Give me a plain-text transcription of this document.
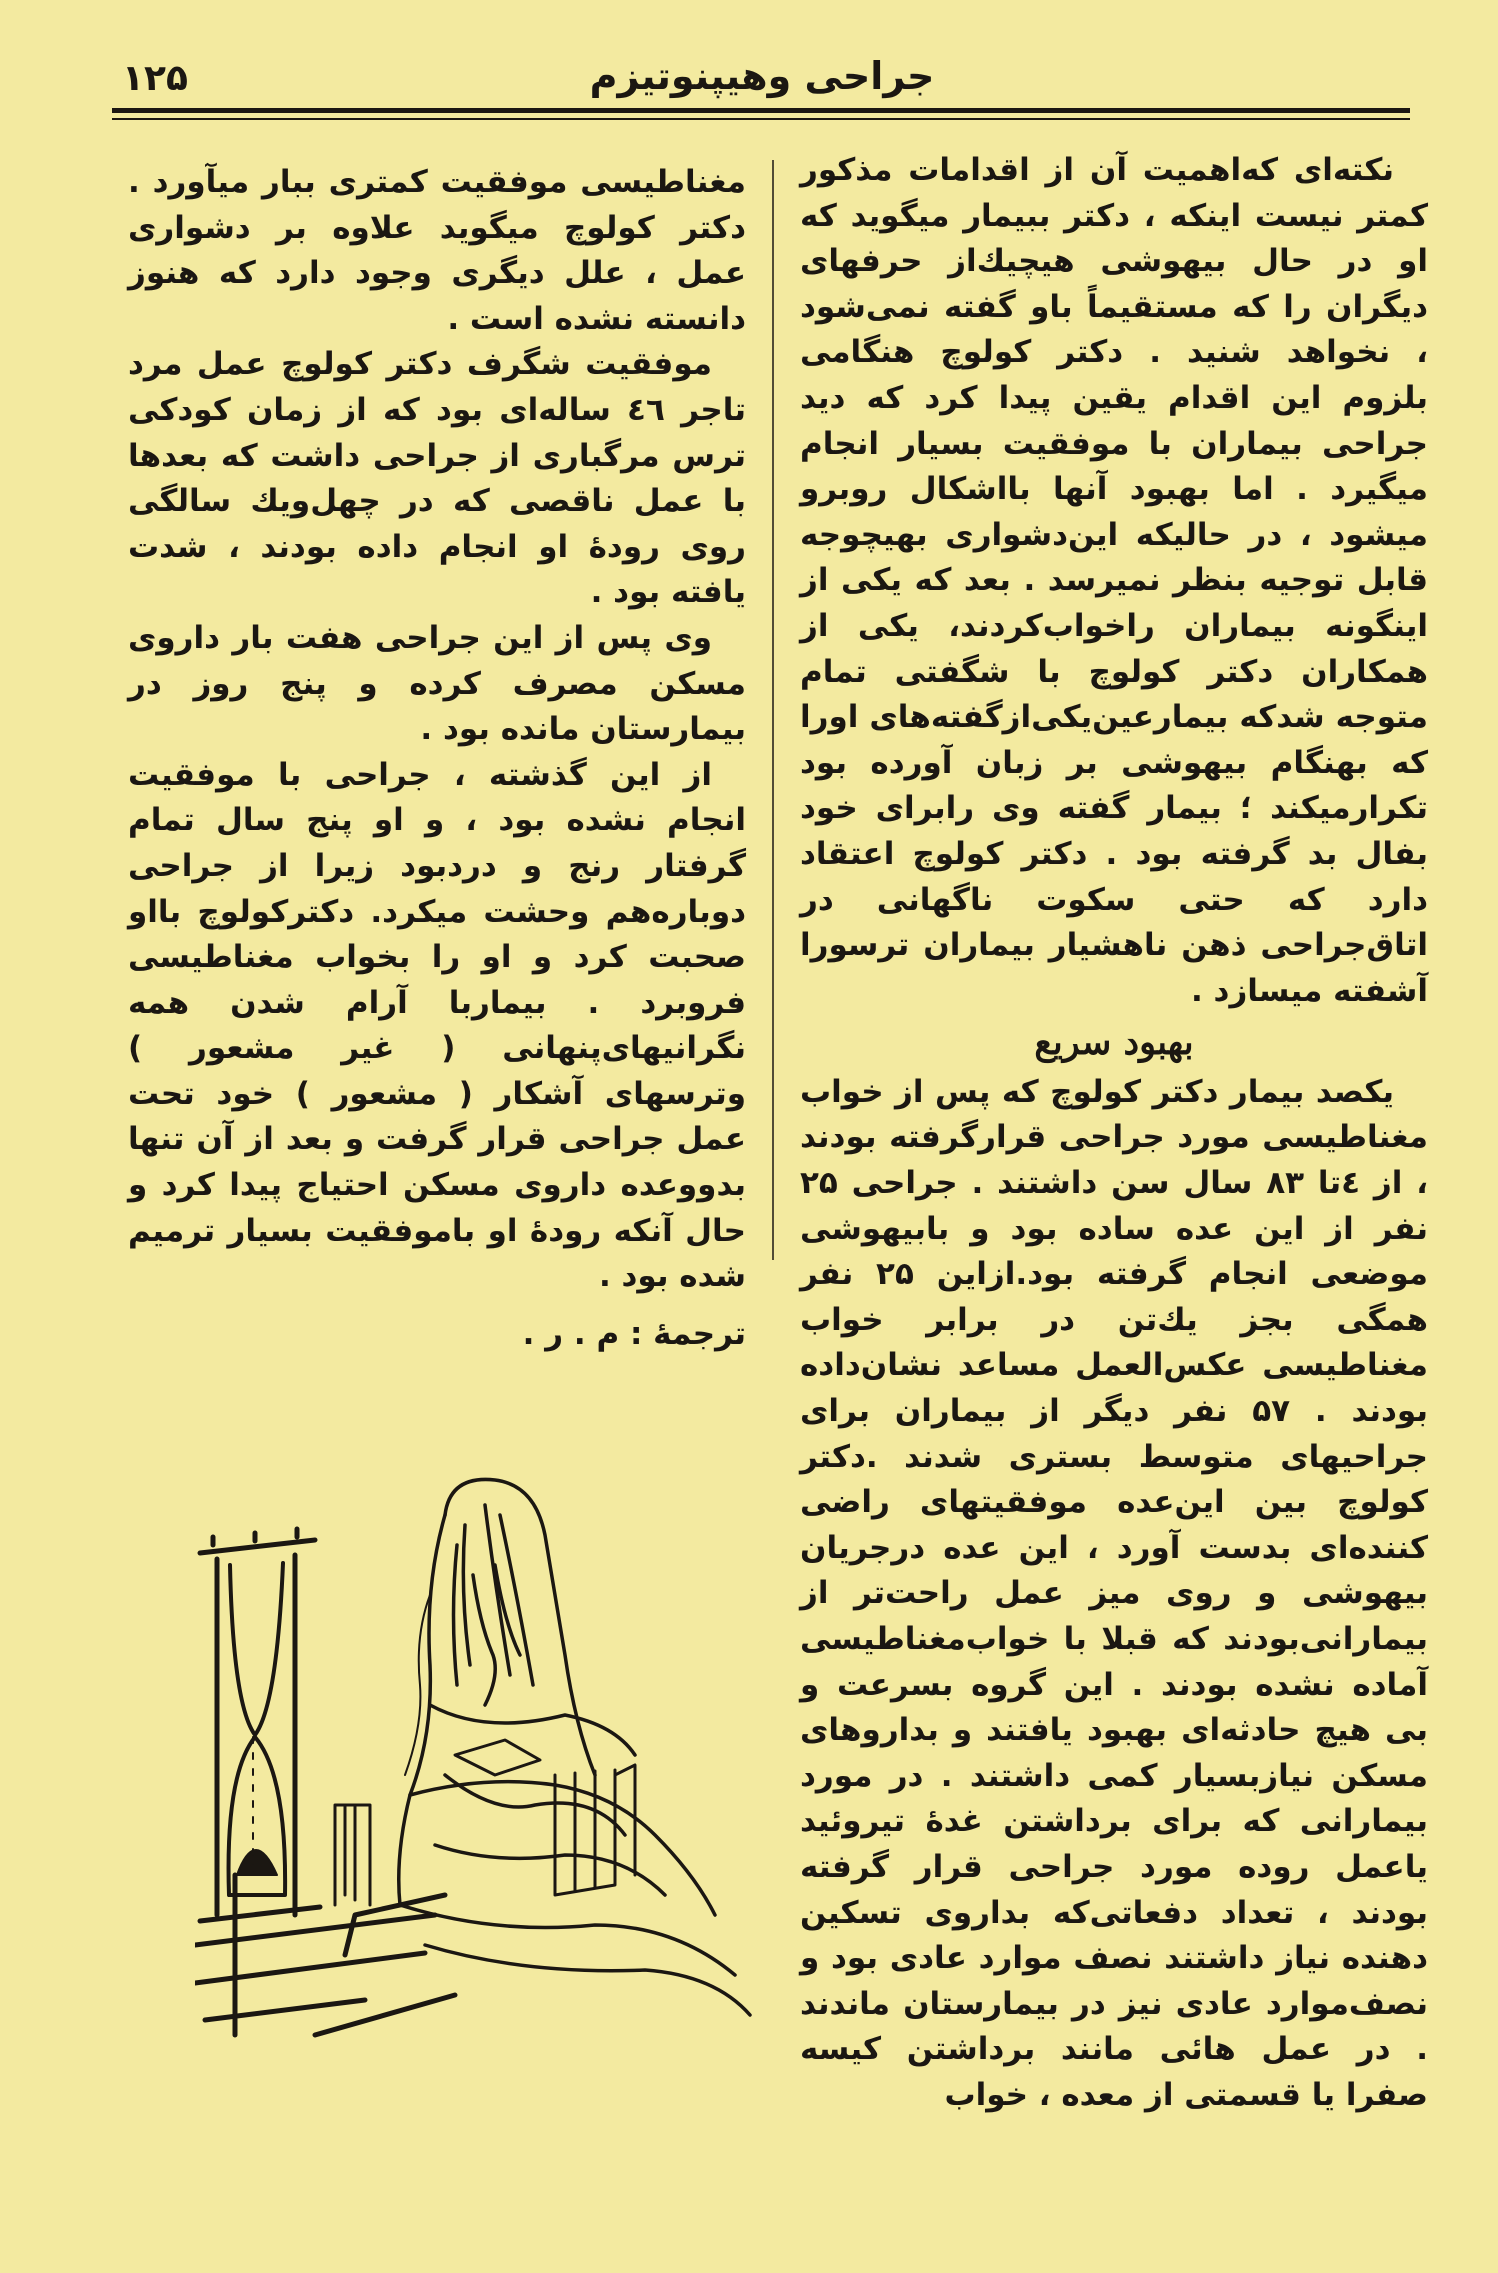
۱۲۵	جراحی وهیپنوتیزم

نکته‌ای که‌اهمیت آن از اقدامات مذکور کمتر نیست اینکه ، دکتر ببیمار میگوید که او در حال بیهوشی هیچیك‌از حرفهای دیگران را که مستقیماً باو گفته نمی‌شود ، نخواهد شنید . دکتر کولوچ هنگامی بلزوم این اقدام یقین پیدا کرد که دید جراحی بیماران با موفقیت بسیار انجام میگیرد . اما بهبود آنها بااشکال روبرو میشود ، در حالیکه این‌دشواری بهیچوجه قابل توجیه بنظر نمیرسد . بعد که یکی از اینگونه بیماران راخواب‌کردند، یکی از همکاران دکتر کولوچ با شگفتی تمام متوجه شدکه بیمارعین‌یکی‌ازگفته‌های اورا که بهنگام بیهوشی بر زبان آورده بود تکرارمیکند ؛ بیمار گفته وی رابرای خود بفال بد گرفته بود . دکتر کولوچ اعتقاد دارد که حتی سکوت ناگهانی در اتاق‌جراحی ذهن ناهشیار بیماران ترسورا آشفته میسازد .

بهبود سریع

یکصد بیمار دکتر کولوچ که پس از خواب مغناطیسی مورد جراحی قرارگرفته بودند ، از ٤تا ۸۳ سال سن داشتند . جراحی ۲۵ نفر از این عده ساده بود و بابیهوشی موضعی انجام گرفته بود.ازاین ۲۵ نفر همگی بجز یك‌تن در برابر خواب مغناطیسی عکس‌العمل مساعد نشان‌داده بودند . ۵۷ نفر دیگر از بیماران برای جراحیهای متوسط بستری شدند .دکتر کولوچ بین این‌عده موفقیتهای راضی کننده‌ای بدست آورد ، این عده درجریان بیهوشی و روی میز عمل راحت‌تر از بیمارانی‌بودند که قبلا با خواب‌مغناطیسی آماده نشده بودند . این گروه بسرعت و بی هیچ حادثه‌ای بهبود یافتند و بداروهای مسکن نیازبسیار کمی داشتند . در مورد بیمارانی که برای برداشتن غدهٔ تیروئید یاعمل روده مورد جراحی قرار گرفته بودند ، تعداد دفعاتی‌که بداروی تسکین دهنده نیاز داشتند نصف موارد عادی بود و نصف‌موارد عادی نیز در بیمارستان ماندند . در عمل هائی مانند برداشتن کیسه صفرا یا قسمتی از معده ، خواب

مغناطیسی موفقیت کمتری ببار میآورد . دکتر کولوچ میگوید علاوه بر دشواری عمل ، علل دیگری وجود دارد که هنوز دانسته نشده است .

موفقیت شگرف دکتر کولوچ عمل مرد تاجر ٤٦ ساله‌ای بود که از زمان کودکی ترس مرگباری از جراحی داشت که بعدها با عمل ناقصی که در چهل‌ویك سالگی روی رودهٔ او انجام داده بودند ، شدت یافته بود .

وی پس از این جراحی هفت بار داروی مسکن مصرف کرده و پنج روز در بیمارستان مانده بود .

از این گذشته ، جراحی با موفقیت انجام نشده بود ، و او پنج سال تمام گرفتار رنج و دردبود زیرا از جراحی دوباره‌هم وحشت میکرد. دکترکولوچ بااو صحبت کرد و او را بخواب مغناطیسی فروبرد . بیماربا آرام شدن همه نگرانیهای‌پنهانی ( غیر مشعور ) وترسهای آشکار ( مشعور ) خود تحت عمل جراحی قرار گرفت و بعد از آن تنها بدووعده داروی مسکن احتیاج پیدا کرد و حال آنکه رودهٔ او باموفقیت بسیار ترمیم شده بود .

ترجمهٔ : م . ر .
